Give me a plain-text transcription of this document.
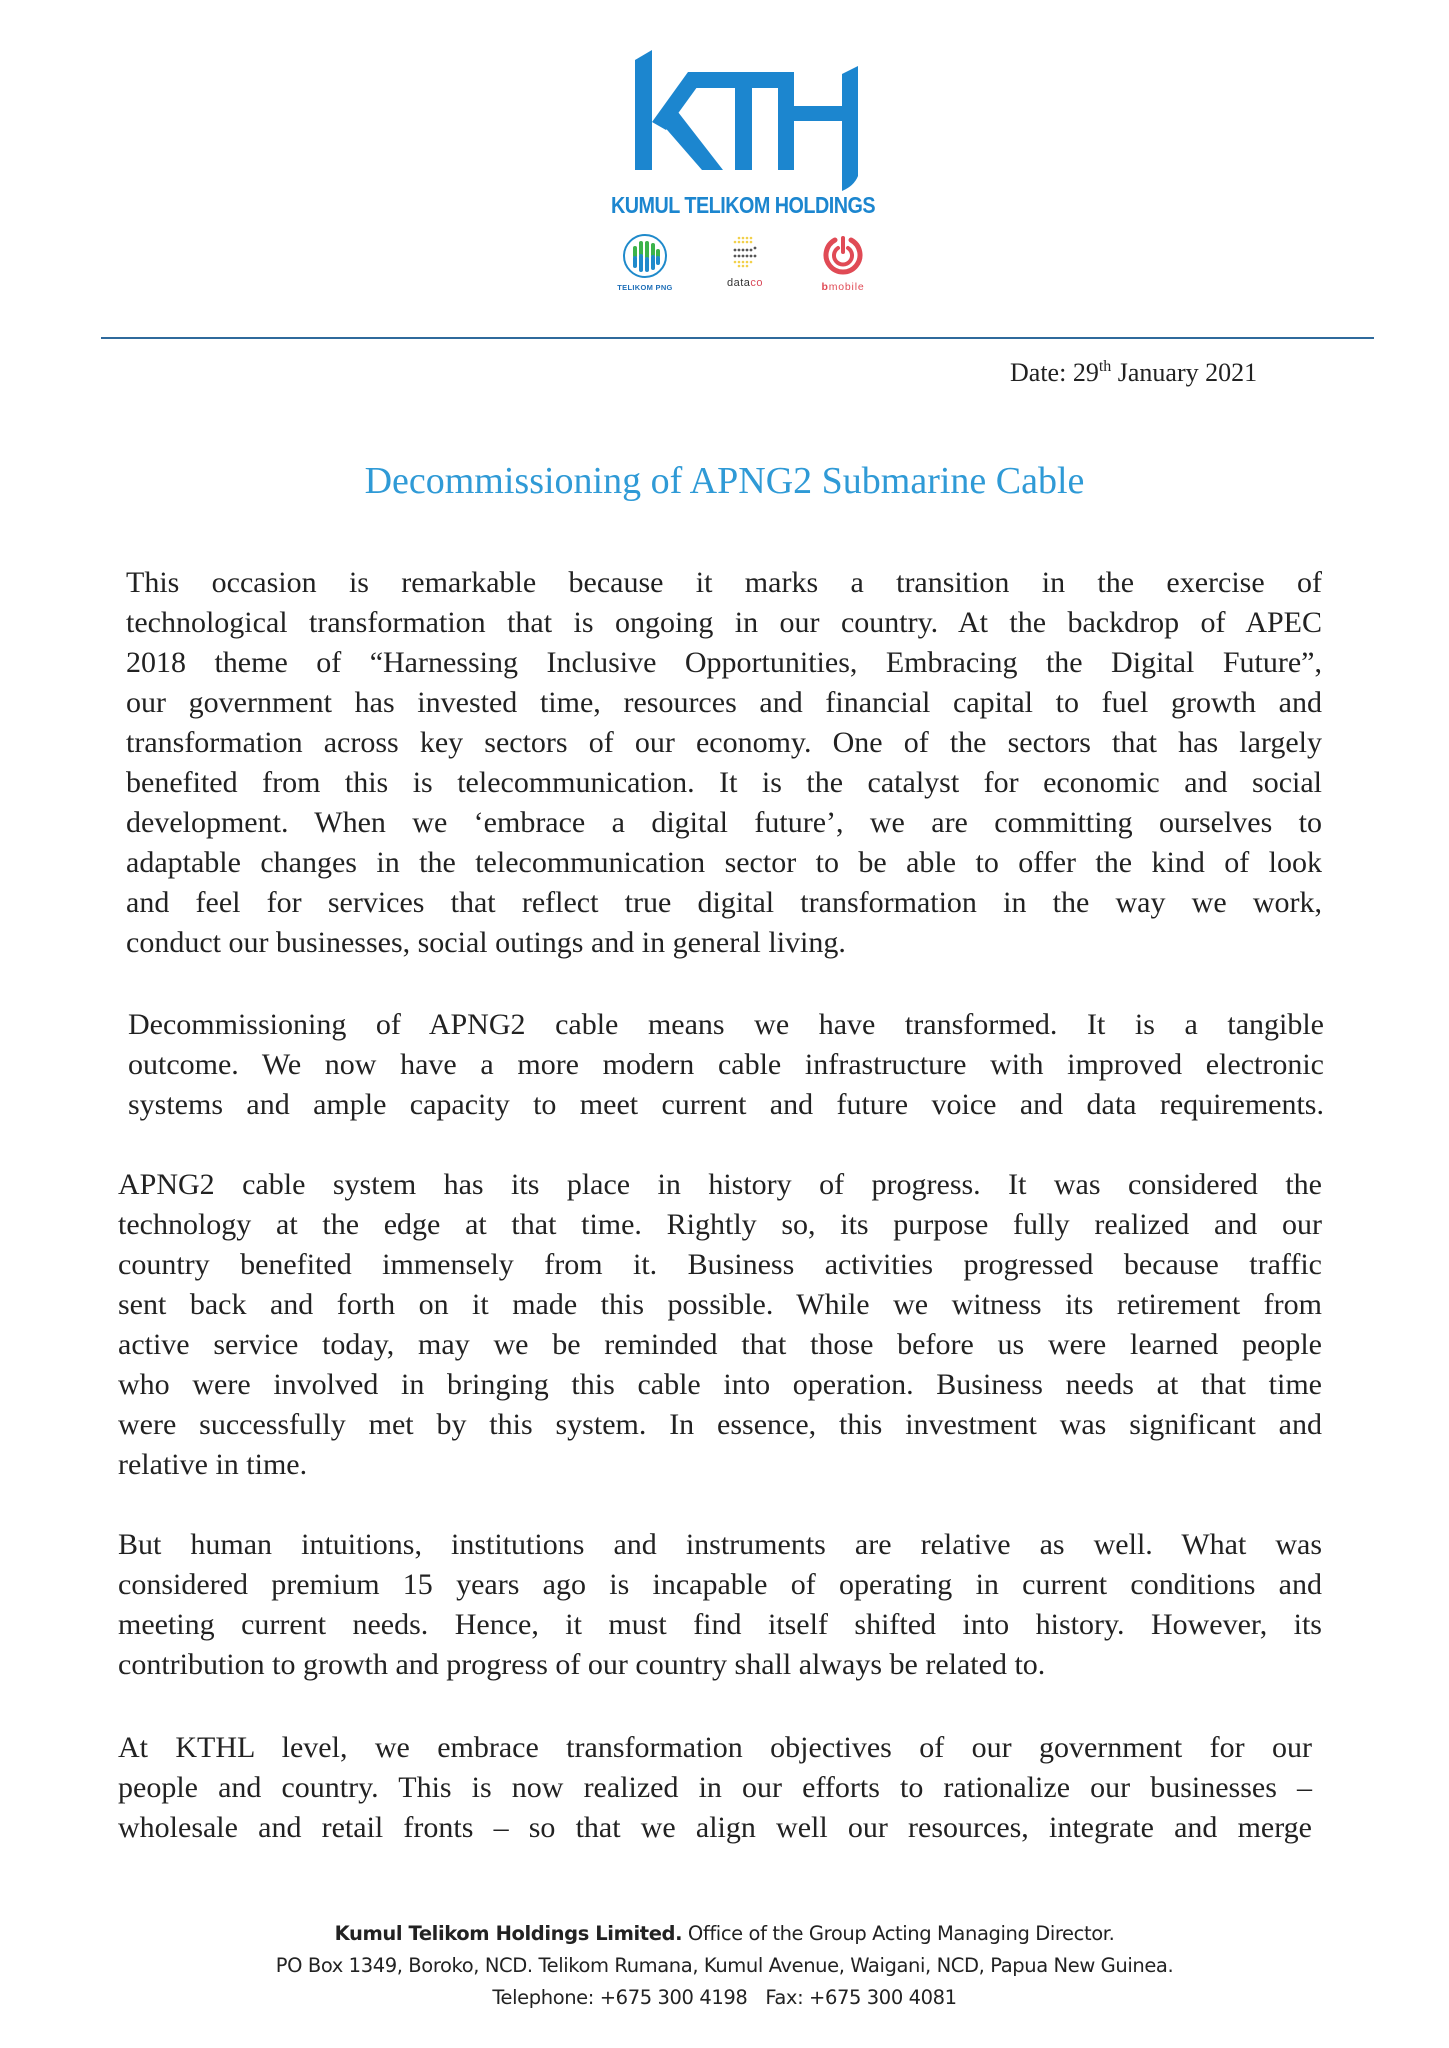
KUMUL TELIKOM HOLDINGS
TELIKOM PNG	dataco	bmobile
Date: 29th January 2021
Decommissioning of APNG2 Submarine Cable
This occasion is remarkable because it marks a transition in the exercise of
technological transformation that is ongoing in our country. At the backdrop of APEC
2018 theme of “Harnessing Inclusive Opportunities, Embracing the Digital Future”,
our government has invested time, resources and financial capital to fuel growth and
transformation across key sectors of our economy. One of the sectors that has largely
benefited from this is telecommunication. It is the catalyst for economic and social
development. When we ‘embrace a digital future’, we are committing ourselves to
adaptable changes in the telecommunication sector to be able to offer the kind of look
and feel for services that reflect true digital transformation in the way we work,
conduct our businesses, social outings and in general living.
Decommissioning of APNG2 cable means we have transformed. It is a tangible
outcome. We now have a more modern cable infrastructure with improved electronic
systems and ample capacity to meet current and future voice and data requirements.
APNG2 cable system has its place in history of progress. It was considered the
technology at the edge at that time. Rightly so, its purpose fully realized and our
country benefited immensely from it. Business activities progressed because traffic
sent back and forth on it made this possible. While we witness its retirement from
active service today, may we be reminded that those before us were learned people
who were involved in bringing this cable into operation. Business needs at that time
were successfully met by this system. In essence, this investment was significant and
relative in time.
But human intuitions, institutions and instruments are relative as well. What was
considered premium 15 years ago is incapable of operating in current conditions and
meeting current needs. Hence, it must find itself shifted into history. However, its
contribution to growth and progress of our country shall always be related to.
At KTHL level, we embrace transformation objectives of our government for our
people and country. This is now realized in our efforts to rationalize our businesses –
wholesale and retail fronts – so that we align well our resources, integrate and merge
Kumul Telikom Holdings Limited. Office of the Group Acting Managing Director.
PO Box 1349, Boroko, NCD. Telikom Rumana, Kumul Avenue, Waigani, NCD, Papua New Guinea.
Telephone: +675 300 4198 Fax: +675 300 4081
